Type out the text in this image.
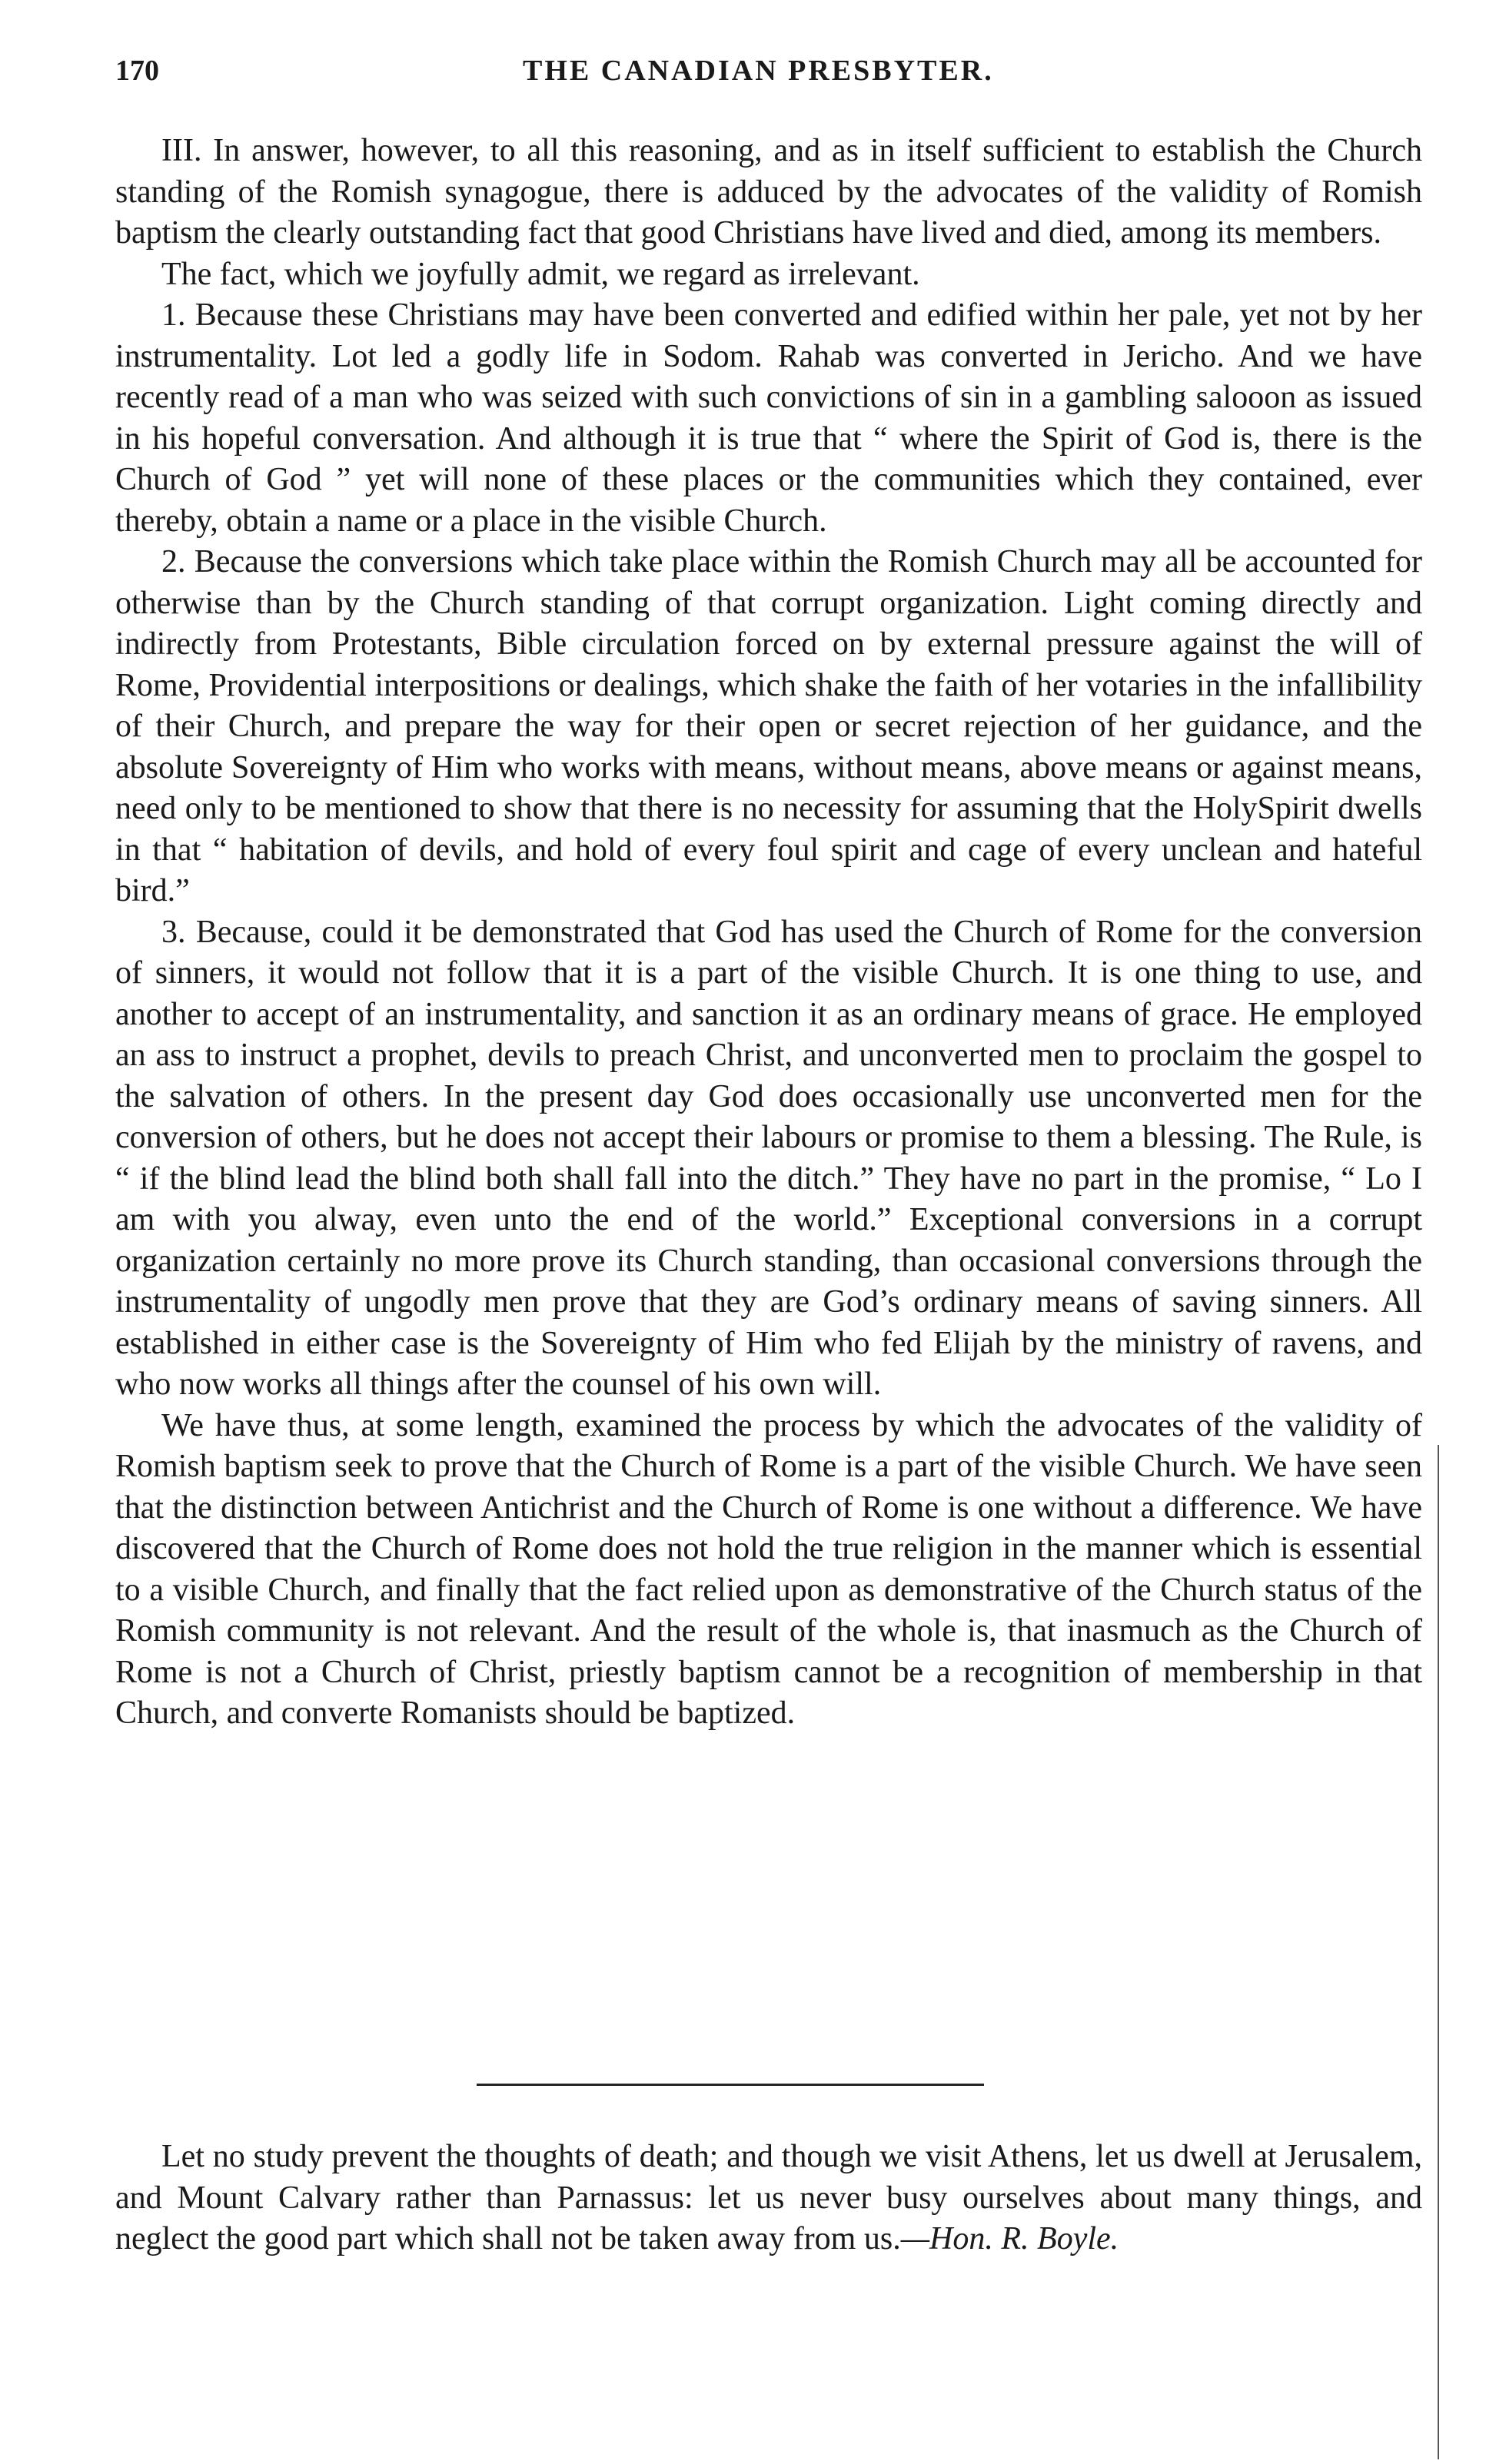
170	THE CANADIAN PRESBYTER.

III. In answer, however, to all this reasoning, and as in itself sufficient to establish the Church standing of the Romish synagogue, there is adduced by the advocates of the validity of Romish baptism the clearly outstanding fact that good Christians have lived and died, among its members.

The fact, which we joyfully admit, we regard as irrelevant.

1. Because these Christians may have been converted and edified within her pale, yet not by her instrumentality. Lot led a godly life in Sodom. Rahab was converted in Jericho. And we have recently read of a man who was seized with such convictions of sin in a gambling salooon as issued in his hopeful conversation. And although it is true that “ where the Spirit of God is, there is the Church of God ” yet will none of these places or the communities which they contained, ever thereby, obtain a name or a place in the visible Church.

2. Because the conversions which take place within the Romish Church may all be accounted for otherwise than by the Church standing of that corrupt organization. Light coming directly and indirectly from Protestants, Bible circulation forced on by external pressure against the will of Rome, Providential interpositions or dealings, which shake the faith of her votaries in the infallibility of their Church, and prepare the way for their open or secret rejection of her guidance, and the absolute Sovereignty of Him who works with means, without means, above means or against means, need only to be mentioned to show that there is no necessity for assuming that the HolySpirit dwells in that “ habitation of devils, and hold of every foul spirit and cage of every unclean and hateful bird.”

3. Because, could it be demonstrated that God has used the Church of Rome for the conversion of sinners, it would not follow that it is a part of the visible Church. It is one thing to use, and another to accept of an instrumentality, and sanction it as an ordinary means of grace. He employed an ass to instruct a prophet, devils to preach Christ, and unconverted men to proclaim the gospel to the salvation of others. In the present day God does occasionally use unconverted men for the conversion of others, but he does not accept their labours or promise to them a blessing. The Rule, is “ if the blind lead the blind both shall fall into the ditch.” They have no part in the promise, “ Lo I am with you alway, even unto the end of the world.” Exceptional conversions in a corrupt organization certainly no more prove its Church standing, than occasional conversions through the instrumentality of ungodly men prove that they are God’s ordinary means of saving sinners. All established in either case is the Sovereignty of Him who fed Elijah by the ministry of ravens, and who now works all things after the counsel of his own will.

We have thus, at some length, examined the process by which the advocates of the validity of Romish baptism seek to prove that the Church of Rome is a part of the visible Church. We have seen that the distinction between Antichrist and the Church of Rome is one without a difference. We have discovered that the Church of Rome does not hold the true religion in the manner which is essential to a visible Church, and finally that the fact relied upon as demonstrative of the Church status of the Romish community is not relevant. And the result of the whole is, that inasmuch as the Church of Rome is not a Church of Christ, priestly baptism cannot be a recognition of membership in that Church, and converte Romanists should be baptized.

Let no study prevent the thoughts of death; and though we visit Athens, let us dwell at Jerusalem, and Mount Calvary rather than Parnassus: let us never busy ourselves about many things, and neglect the good part which shall not be taken away from us.—Hon. R. Boyle.
